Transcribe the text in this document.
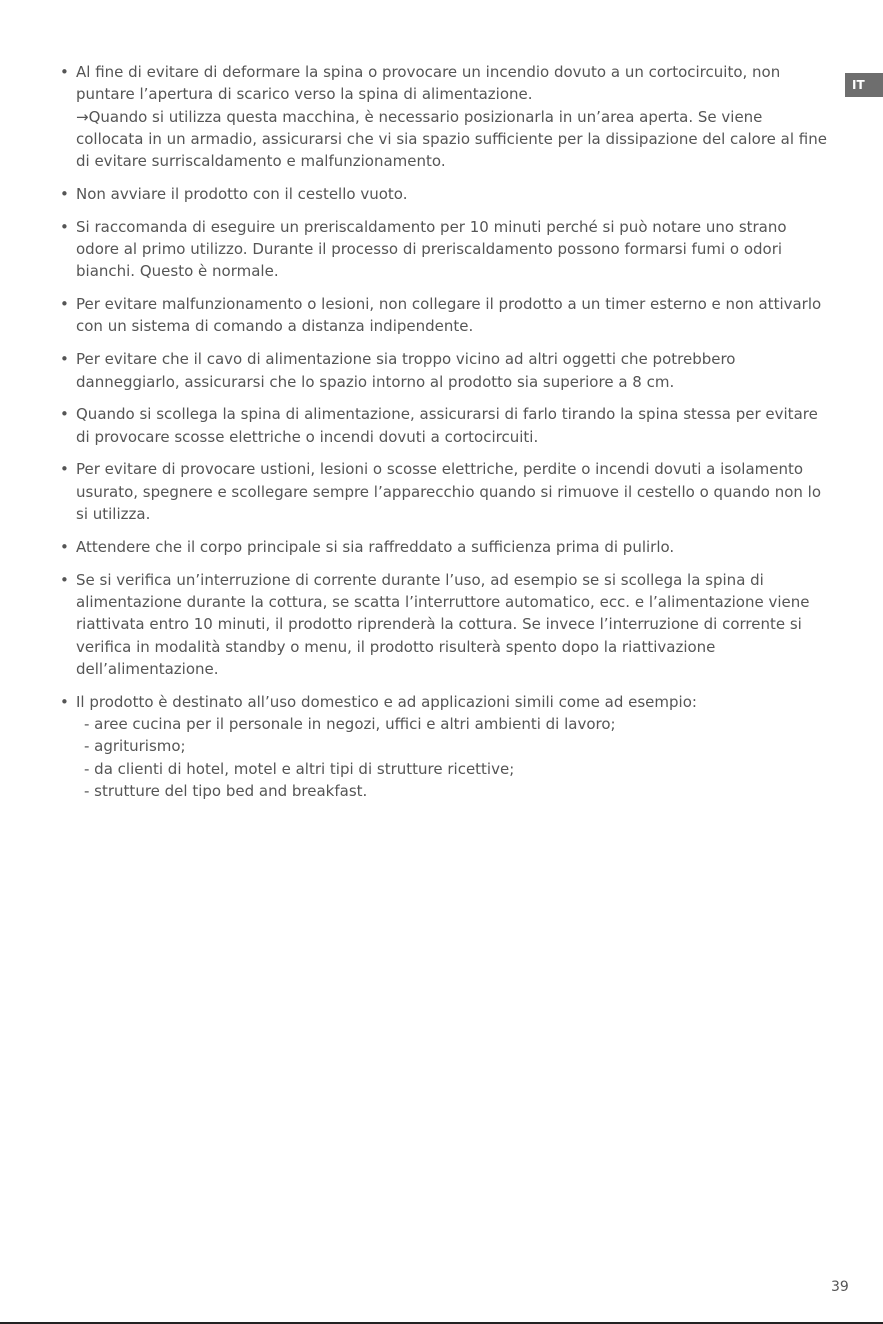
IT
• Al fine di evitare di deformare la spina o provocare un incendio dovuto a un cortocircuito, non puntare l’apertura di scarico verso la spina di alimentazione.
→Quando si utilizza questa macchina, è necessario posizionarla in un’area aperta. Se viene collocata in un armadio, assicurarsi che vi sia spazio sufficiente per la dissipazione del calore al fine di evitare surriscaldamento e malfunzionamento.
• Non avviare il prodotto con il cestello vuoto.
• Si raccomanda di eseguire un preriscaldamento per 10 minuti perché si può notare uno strano odore al primo utilizzo. Durante il processo di preriscaldamento possono formarsi fumi o odori bianchi. Questo è normale.
• Per evitare malfunzionamento o lesioni, non collegare il prodotto a un timer esterno e non attivarlo con un sistema di comando a distanza indipendente.
• Per evitare che il cavo di alimentazione sia troppo vicino ad altri oggetti che potrebbero danneggiarlo, assicurarsi che lo spazio intorno al prodotto sia superiore a 8 cm.
• Quando si scollega la spina di alimentazione, assicurarsi di farlo tirando la spina stessa per evitare di provocare scosse elettriche o incendi dovuti a cortocircuiti.
• Per evitare di provocare ustioni, lesioni o scosse elettriche, perdite o incendi dovuti a isolamento usurato, spegnere e scollegare sempre l’apparecchio quando si rimuove il cestello o quando non lo si utilizza.
• Attendere che il corpo principale si sia raffreddato a sufficienza prima di pulirlo.
• Se si verifica un’interruzione di corrente durante l’uso, ad esempio se si scollega la spina di alimentazione durante la cottura, se scatta l’interruttore automatico, ecc. e l’alimentazione viene riattivata entro 10 minuti, il prodotto riprenderà la cottura. Se invece l’interruzione di corrente si verifica in modalità standby o menu, il prodotto risulterà spento dopo la riattivazione dell’alimentazione.
• Il prodotto è destinato all’uso domestico e ad applicazioni simili come ad esempio:
- aree cucina per il personale in negozi, uffici e altri ambienti di lavoro;
- agriturismo;
- da clienti di hotel, motel e altri tipi di strutture ricettive;
- strutture del tipo bed and breakfast.
39
